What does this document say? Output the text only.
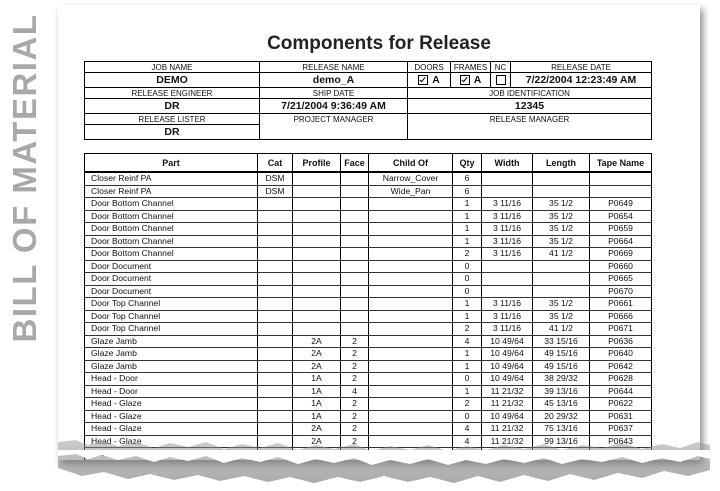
BILL OF MATERIAL	Components for Release
JOB NAME	RELEASE NAME	DOORS	FRAMES	NC	RELEASE DATE
DEMO	demo_A	A	A		7/22/2004 12:23:49 AM
RELEASE ENGINEER	SHIP DATE	JOB IDENTIFICATION			
DR	7/21/2004 9:36:49 AM	12345			
RELEASE LISTER	PROJECT MANAGER	RELEASE MANAGER			
DR					
Part	Cat	Profile	Face	Child Of	Qty	Width	Length	Tape Name
Closer Reinf PA	DSM			Narrow_Cover	6			
Closer Reinf PA	DSM			Wide_Pan	6			
Door Bottom Channel					1	3 11/16	35 1/2	P0649
Door Bottom Channel					1	3 11/16	35 1/2	P0654
Door Bottom Channel					1	3 11/16	35 1/2	P0659
Door Bottom Channel					1	3 11/16	35 1/2	P0664
Door Bottom Channel					2	3 11/16	41 1/2	P0669
Door Document					0			P0660
Door Document					0			P0665
Door Document					0			P0670
Door Top Channel					1	3 11/16	35 1/2	P0661
Door Top Channel					1	3 11/16	35 1/2	P0666
Door Top Channel					2	3 11/16	41 1/2	P0671
Glaze Jamb		2A	2		4	10 49/64	33 15/16	P0636
Glaze Jamb		2A	2		1	10 49/64	49 15/16	P0640
Glaze Jamb		2A	2		1	10 49/64	49 15/16	P0642
Head - Door		1A	2		0	10 49/64	38 29/32	P0628
Head - Door		1A	4		1	11 21/32	39 13/16	P0644
Head - Glaze		1A	2		2	11 21/32	45 13/16	P0622
Head - Glaze		1A	2		0	10 49/64	20 29/32	P0631
Head - Glaze		2A	2		4	11 21/32	75 13/16	P0637
Head - Glaze		2A	2		4	11 21/32	99 13/16	P0643
